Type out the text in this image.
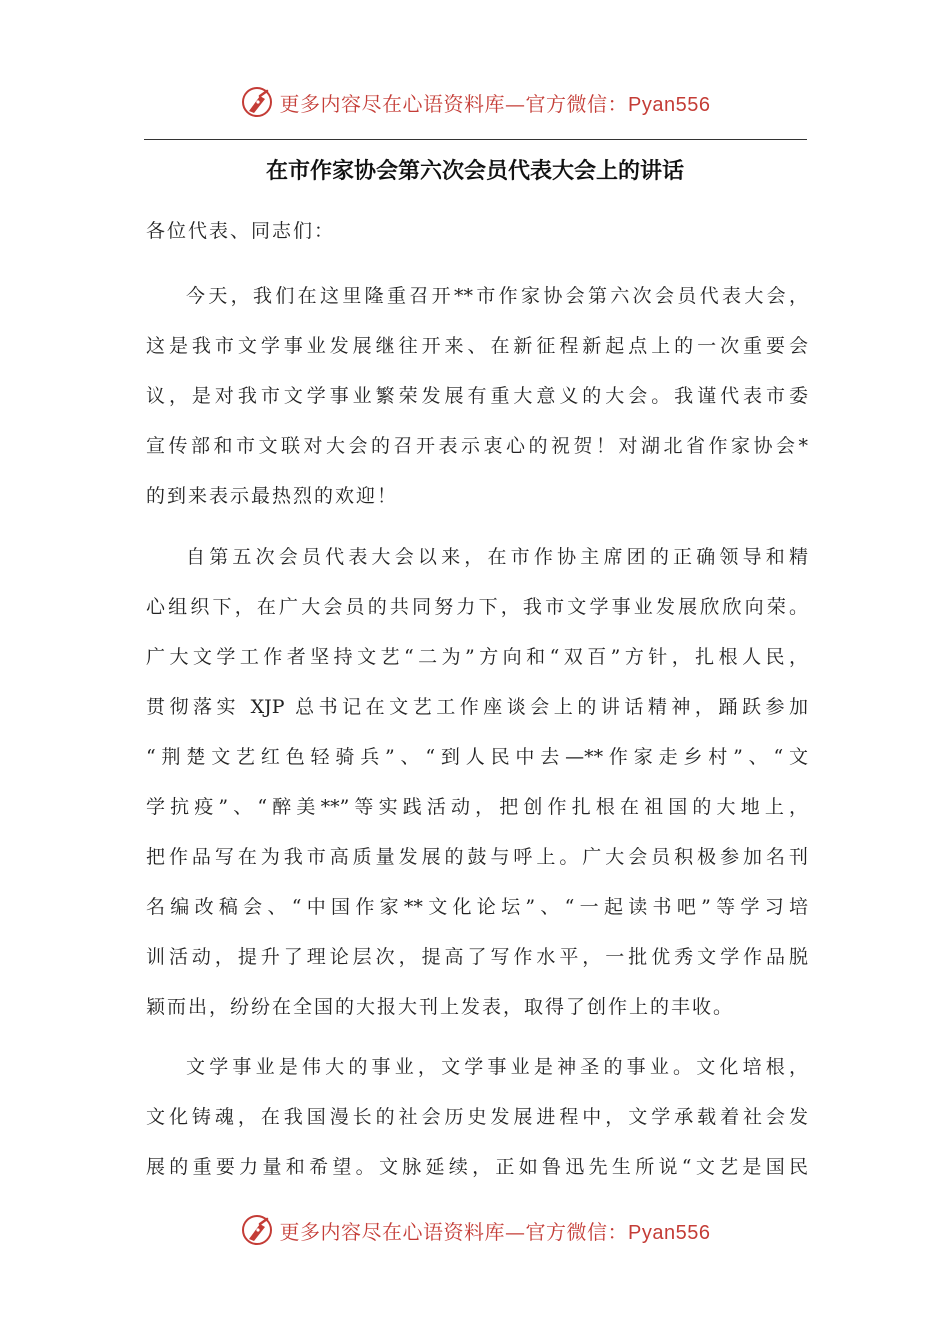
更多内容尽在心语资料库—官方微信：Pyan556
在市作家协会第六次会员代表大会上的讲话
各位代表、同志们：
今天，我们在这里隆重召开**市作家协会第六次会员代表大会，
这是我市文学事业发展继往开来、在新征程新起点上的一次重要会
议，是对我市文学事业繁荣发展有重大意义的大会。我谨代表市委
宣传部和市文联对大会的召开表示衷心的祝贺！对湖北省作家协会*
的到来表示最热烈的欢迎！
自第五次会员代表大会以来，在市作协主席团的正确领导和精
心组织下，在广大会员的共同努力下，我市文学事业发展欣欣向荣。
广大文学工作者坚持文艺“二为”方向和“双百”方针，扎根人民，
贯彻落实 XJP 总书记在文艺工作座谈会上的讲话精神，踊跃参加
“荆楚文艺红色轻骑兵”、“到人民中去—**作家走乡村”、“文
学抗疫”、“醉美**”等实践活动，把创作扎根在祖国的大地上，
把作品写在为我市高质量发展的鼓与呼上。广大会员积极参加名刊
名编改稿会、“中国作家**文化论坛”、“一起读书吧”等学习培
训活动，提升了理论层次，提高了写作水平，一批优秀文学作品脱
颖而出，纷纷在全国的大报大刊上发表，取得了创作上的丰收。
文学事业是伟大的事业，文学事业是神圣的事业。文化培根，
文化铸魂，在我国漫长的社会历史发展进程中，文学承载着社会发
展的重要力量和希望。文脉延续，正如鲁迅先生所说“文艺是国民
更多内容尽在心语资料库—官方微信：Pyan556
